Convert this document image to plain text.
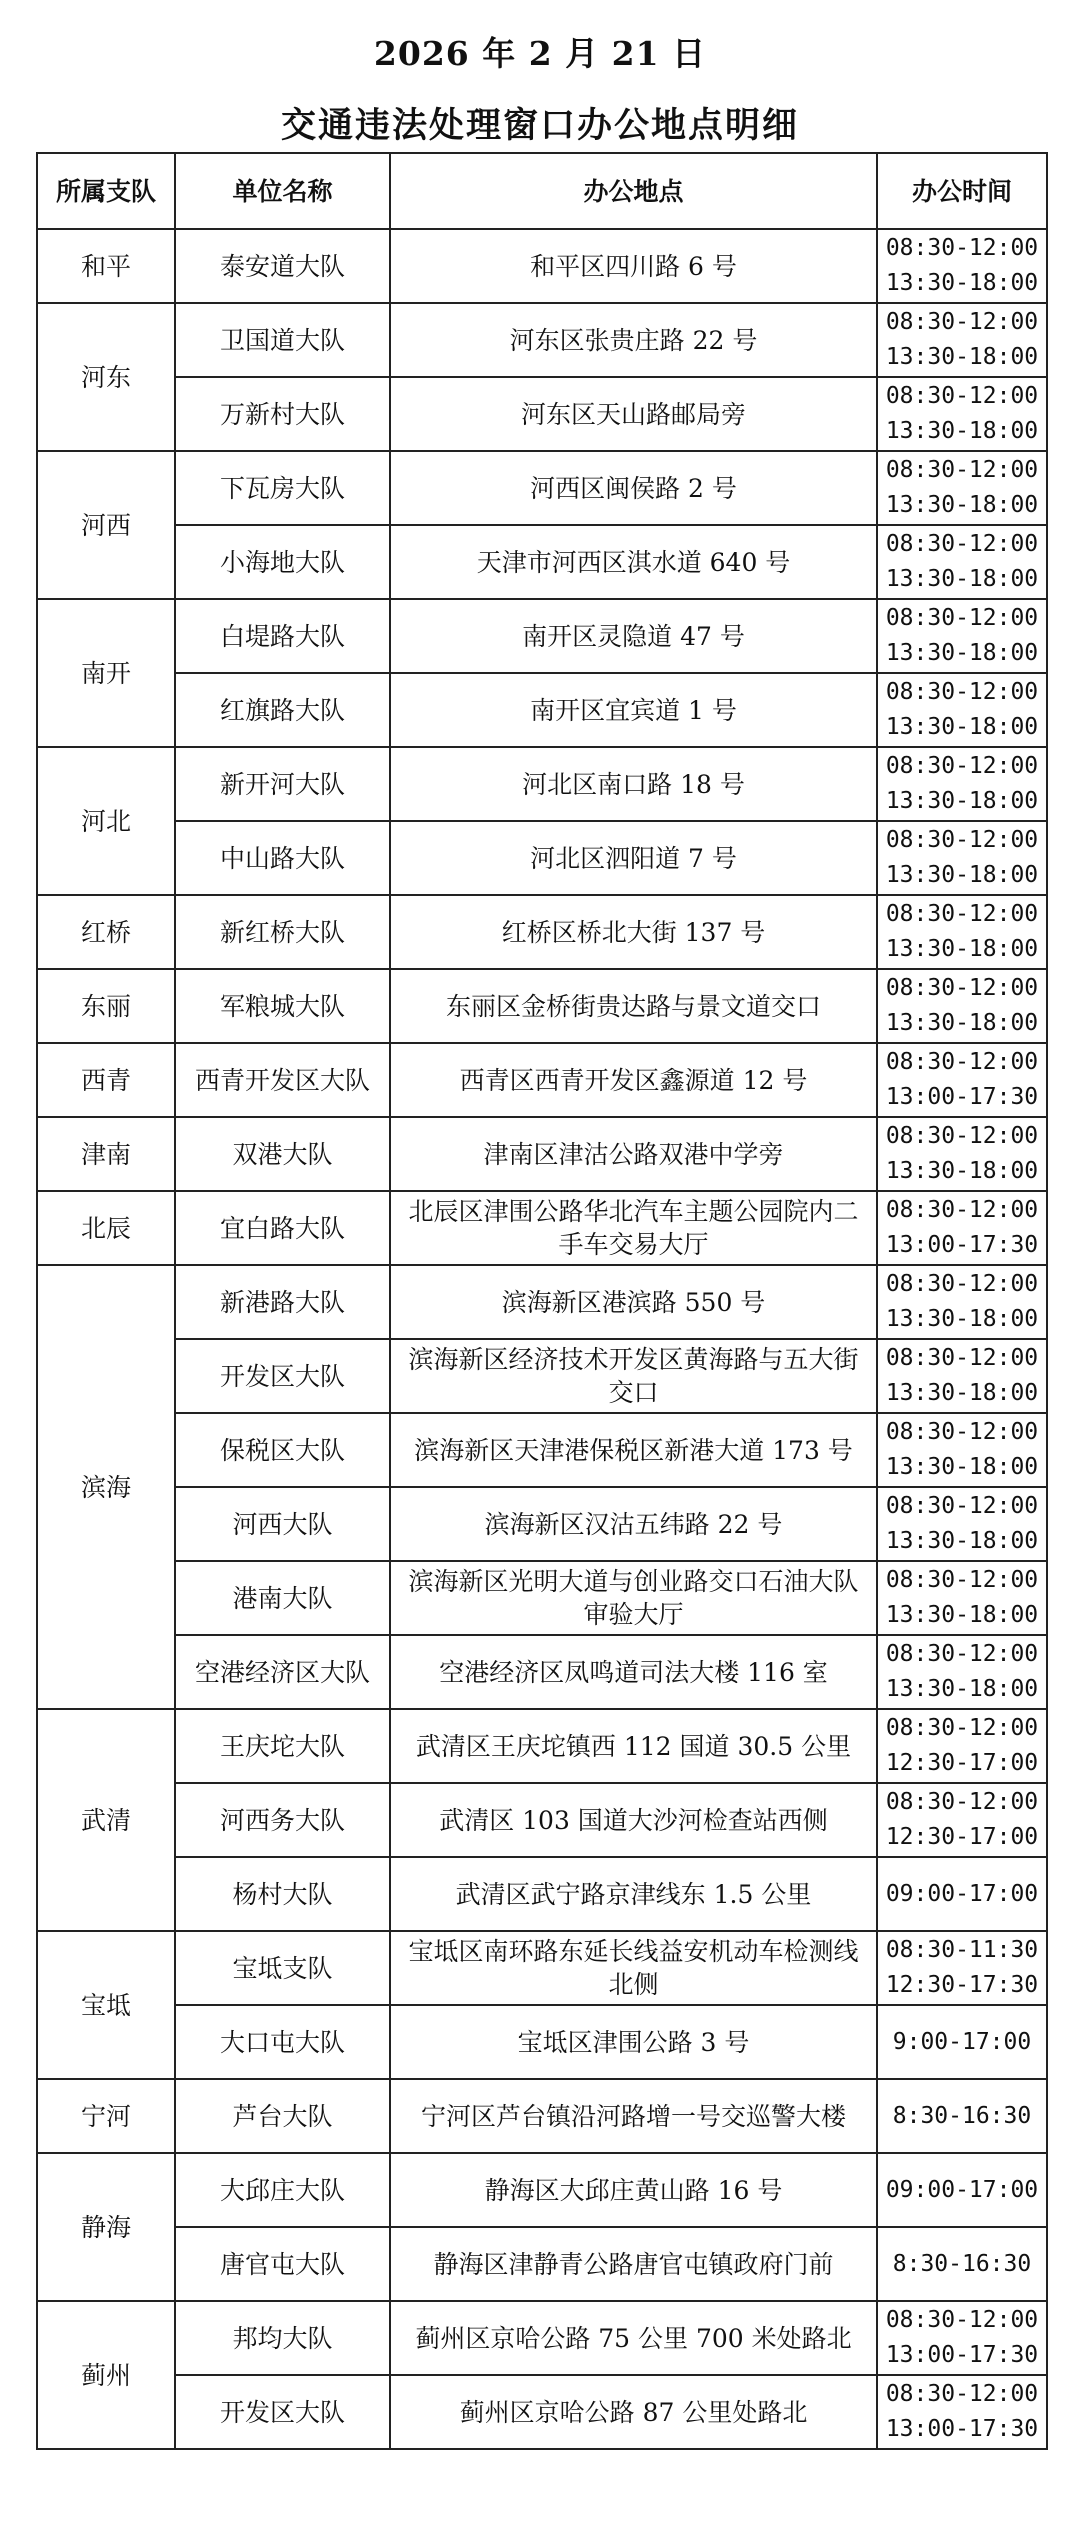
2026 年 2 月 21 日
交通违法处理窗口办公地点明细
所属支队	单位名称	办公地点	办公时间
和平	泰安道大队	和平区四川路 6 号	08:30-12:00
13:30-18:00

河东	卫国道大队	河东区张贵庄路 22 号	08:30-12:00
13:30-18:00

	万新村大队	河东区天山路邮局旁	08:30-12:00
13:30-18:00

河西	下瓦房大队	河西区闽侯路 2 号	08:30-12:00
13:30-18:00

	小海地大队	天津市河西区淇水道 640 号	08:30-12:00
13:30-18:00

南开	白堤路大队	南开区灵隐道 47 号	08:30-12:00
13:30-18:00

	红旗路大队	南开区宜宾道 1 号	08:30-12:00
13:30-18:00

河北	新开河大队	河北区南口路 18 号	08:30-12:00
13:30-18:00

	中山路大队	河北区泗阳道 7 号	08:30-12:00
13:30-18:00

红桥	新红桥大队	红桥区桥北大街 137 号	08:30-12:00
13:30-18:00

东丽	军粮城大队	东丽区金桥街贵达路与景文道交口	08:30-12:00
13:30-18:00

西青	西青开发区大队	西青区西青开发区鑫源道 12 号	08:30-12:00
13:00-17:30

津南	双港大队	津南区津沽公路双港中学旁	08:30-12:00
13:30-18:00

北辰	宜白路大队	北辰区津围公路华北汽车主题公园院内二手车交易大厅	08:30-12:00
13:00-17:30

滨海	新港路大队	滨海新区港滨路 550 号	08:30-12:00
13:30-18:00

	开发区大队	滨海新区经济技术开发区黄海路与五大街交口	08:30-12:00
13:30-18:00

	保税区大队	滨海新区天津港保税区新港大道 173 号	08:30-12:00
13:30-18:00

	河西大队	滨海新区汉沽五纬路 22 号	08:30-12:00
13:30-18:00

	港南大队	滨海新区光明大道与创业路交口石油大队审验大厅	08:30-12:00
13:30-18:00

	空港经济区大队	空港经济区凤鸣道司法大楼 116 室	08:30-12:00
13:30-18:00

武清	王庆坨大队	武清区王庆坨镇西 112 国道 30.5 公里	08:30-12:00
12:30-17:00

	河西务大队	武清区 103 国道大沙河检查站西侧	08:30-12:00
12:30-17:00

	杨村大队	武清区武宁路京津线东 1.5 公里	09:00-17:00

宝坻	宝坻支队	宝坻区南环路东延长线益安机动车检测线北侧	08:30-11:30
12:30-17:30

	大口屯大队	宝坻区津围公路 3 号	9:00-17:00

宁河	芦台大队	宁河区芦台镇沿河路增一号交巡警大楼	8:30-16:30

静海	大邱庄大队	静海区大邱庄黄山路 16 号	09:00-17:00

	唐官屯大队	静海区津静青公路唐官屯镇政府门前	8:30-16:30

蓟州	邦均大队	蓟州区京哈公路 75 公里 700 米处路北	08:30-12:00
13:00-17:30

	开发区大队	蓟州区京哈公路 87 公里处路北	08:30-12:00
13:00-17:30
